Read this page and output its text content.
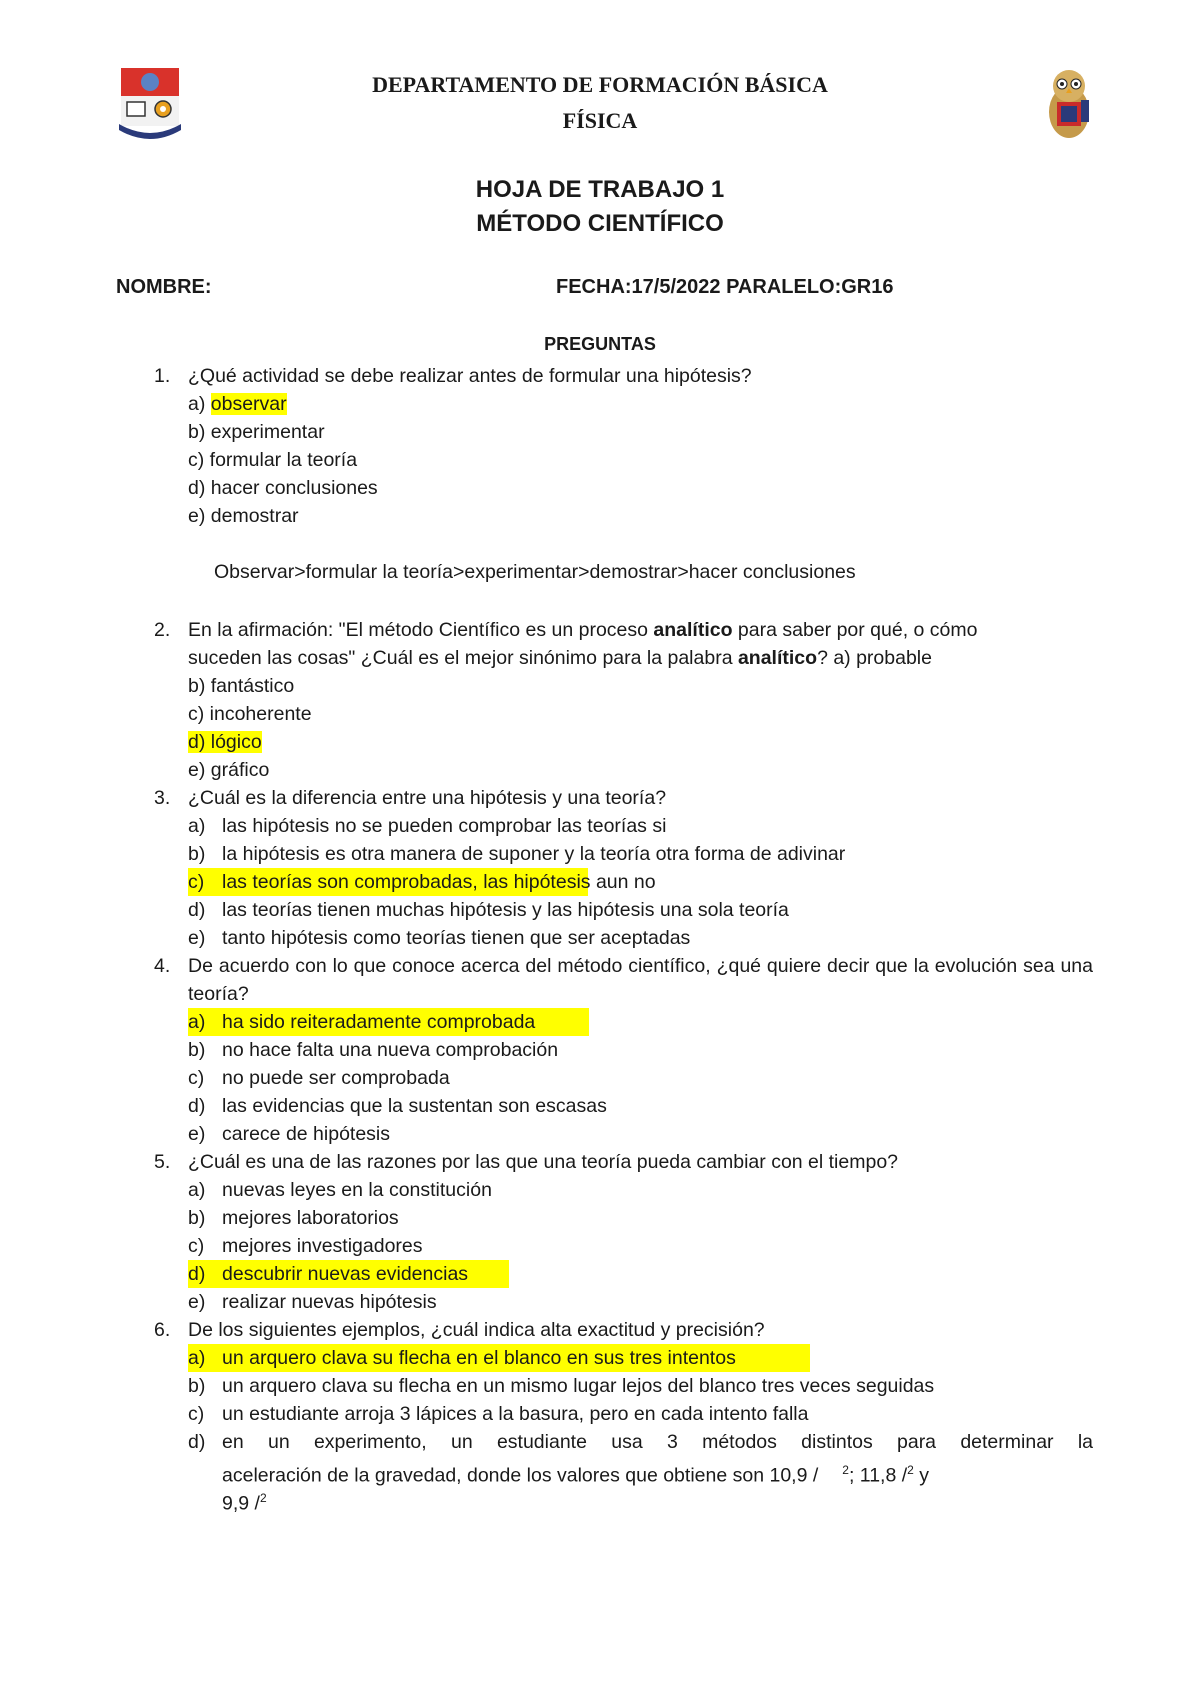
DEPARTAMENTO DE FORMACIÓN BÁSICA
FÍSICA
HOJA DE TRABAJO 1
MÉTODO CIENTÍFICO
NOMBRE:	FECHA:17/5/2022 PARALELO:GR16
PREGUNTAS
1. ¿Qué actividad se debe realizar antes de formular una hipótesis?
a) observar
b) experimentar
c) formular la teoría
d) hacer conclusiones
e) demostrar
Observar>formular la teoría>experimentar>demostrar>hacer conclusiones
2. En la afirmación: "El método Científico es un proceso analítico para saber por qué, o cómo
suceden las cosas" ¿Cuál es el mejor sinónimo para la palabra analítico? a) probable
b) fantástico
c) incoherente
d) lógico
e) gráfico
3. ¿Cuál es la diferencia entre una hipótesis y una teoría?
a) las hipótesis no se pueden comprobar las teorías si
b) la hipótesis es otra manera de suponer y la teoría otra forma de adivinar
c) las teorías son comprobadas, las hipótesis aun no
d) las teorías tienen muchas hipótesis y las hipótesis una sola teoría
e) tanto hipótesis como teorías tienen que ser aceptadas
4. De acuerdo con lo que conoce acerca del método científico, ¿qué quiere decir que la evolución sea una teoría?
a) ha sido reiteradamente comprobada
b) no hace falta una nueva comprobación
c) no puede ser comprobada
d) las evidencias que la sustentan son escasas
e) carece de hipótesis
5. ¿Cuál es una de las razones por las que una teoría pueda cambiar con el tiempo?
a) nuevas leyes en la constitución
b) mejores laboratorios
c) mejores investigadores
d) descubrir nuevas evidencias
e) realizar nuevas hipótesis
6. De los siguientes ejemplos, ¿cuál indica alta exactitud y precisión?
a) un arquero clava su flecha en el blanco en sus tres intentos
b) un arquero clava su flecha en un mismo lugar lejos del blanco tres veces seguidas
c) un estudiante arroja 3 lápices a la basura, pero en cada intento falla
d) en un experimento, un estudiante usa 3 métodos distintos para determinar la
aceleración de la gravedad, donde los valores que obtiene son 10,9 / $^2$; 11,8 /$^2$ y
9,9 /$^2$
